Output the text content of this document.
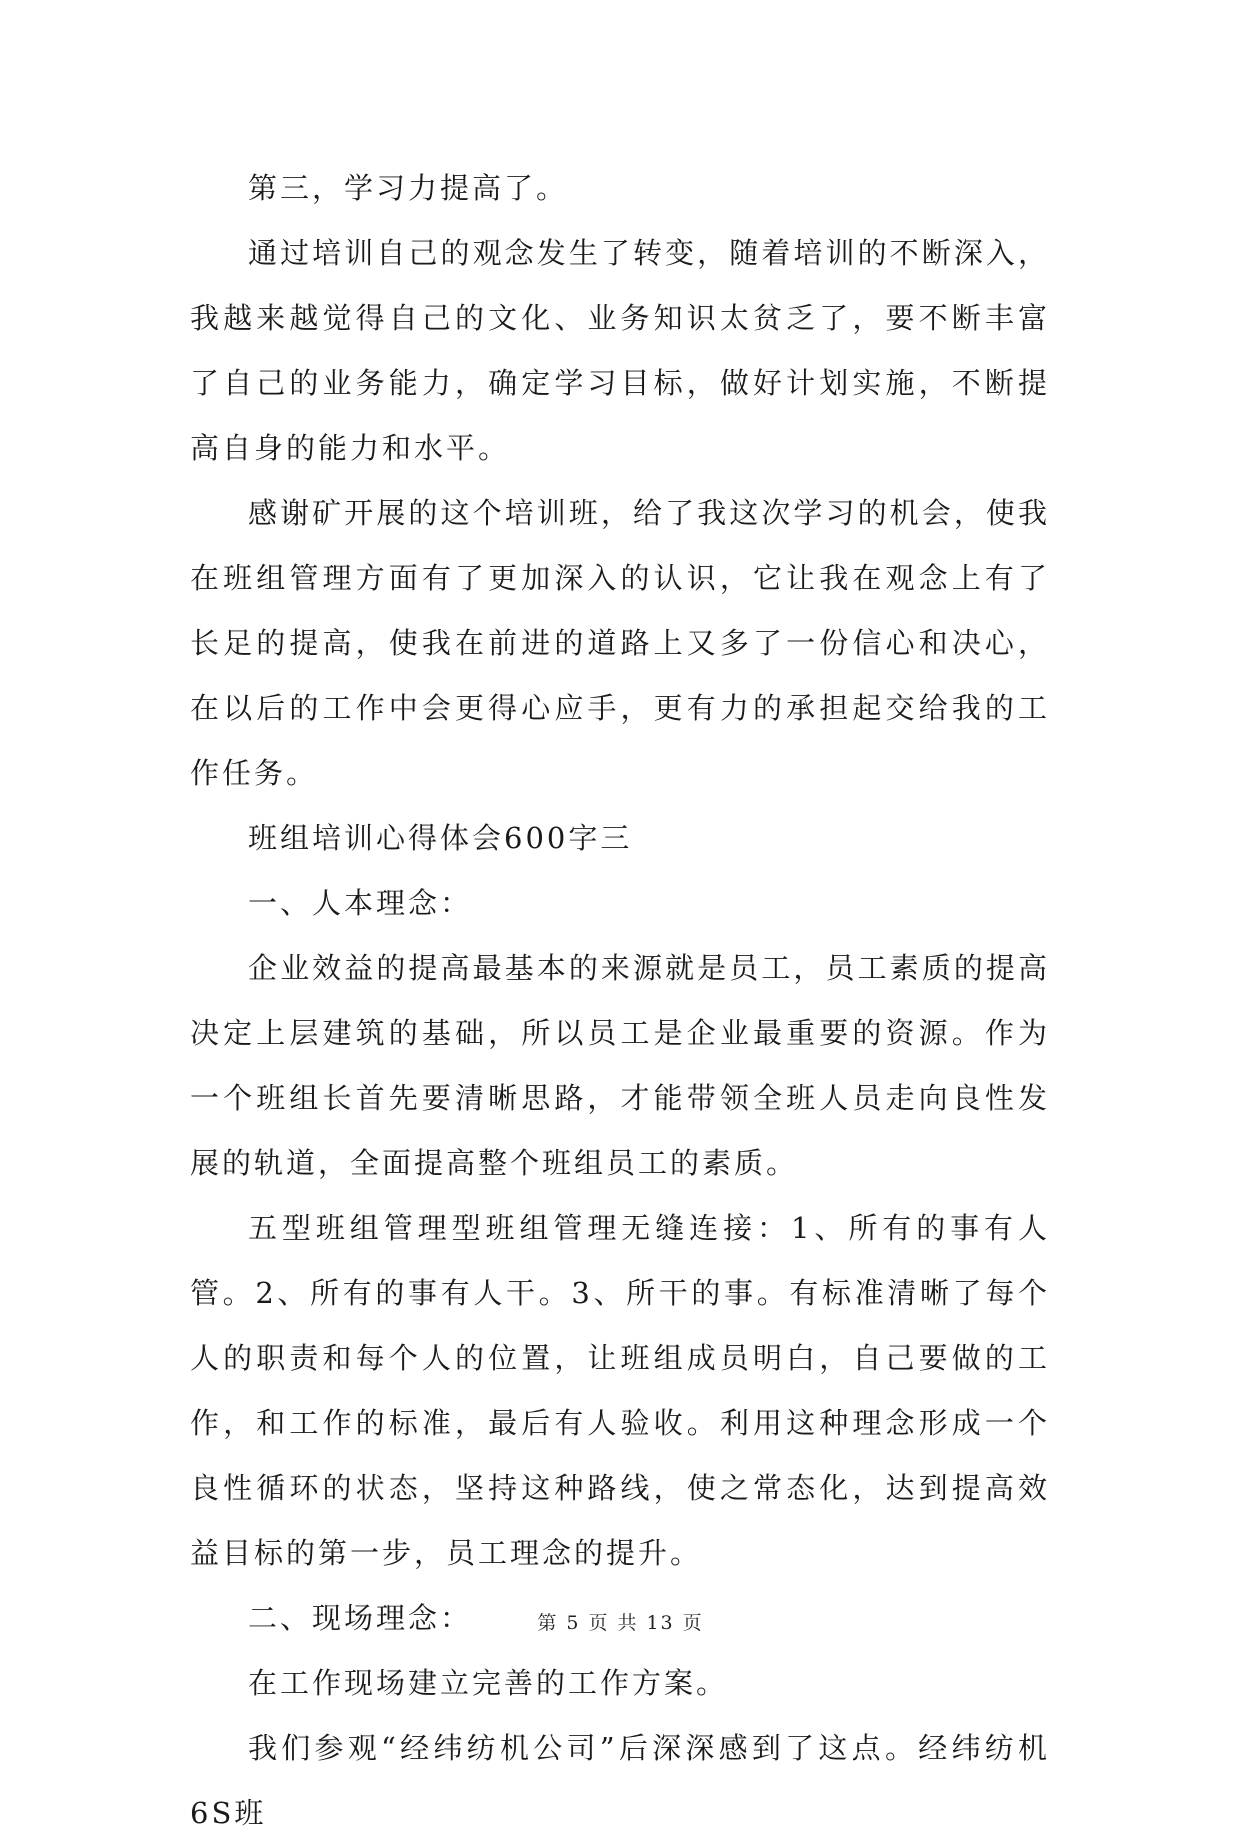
第三，学习力提高了。

通过培训自己的观念发生了转变，随着培训的不断深入，我越来越觉得自己的文化、业务知识太贫乏了，要不断丰富了自己的业务能力，确定学习目标，做好计划实施，不断提高自身的能力和水平。

感谢矿开展的这个培训班，给了我这次学习的机会，使我在班组管理方面有了更加深入的认识，它让我在观念上有了长足的提高，使我在前进的道路上又多了一份信心和决心，在以后的工作中会更得心应手，更有力的承担起交给我的工作任务。

班组培训心得体会600字三

一、人本理念：

企业效益的提高最基本的来源就是员工，员工素质的提高决定上层建筑的基础，所以员工是企业最重要的资源。作为一个班组长首先要清晰思路，才能带领全班人员走向良性发展的轨道，全面提高整个班组员工的素质。

五型班组管理型班组管理无缝连接：1、所有的事有人管。2、所有的事有人干。3、所干的事。有标准清晰了每个人的职责和每个人的位置，让班组成员明白，自己要做的工作，和工作的标准，最后有人验收。利用这种理念形成一个良性循环的状态，坚持这种路线，使之常态化，达到提高效益目标的第一步，员工理念的提升。

二、现场理念：

在工作现场建立完善的工作方案。

我们参观“经纬纺机公司”后深深感到了这点。经纬纺机6S班

第 5 页 共 13 页
